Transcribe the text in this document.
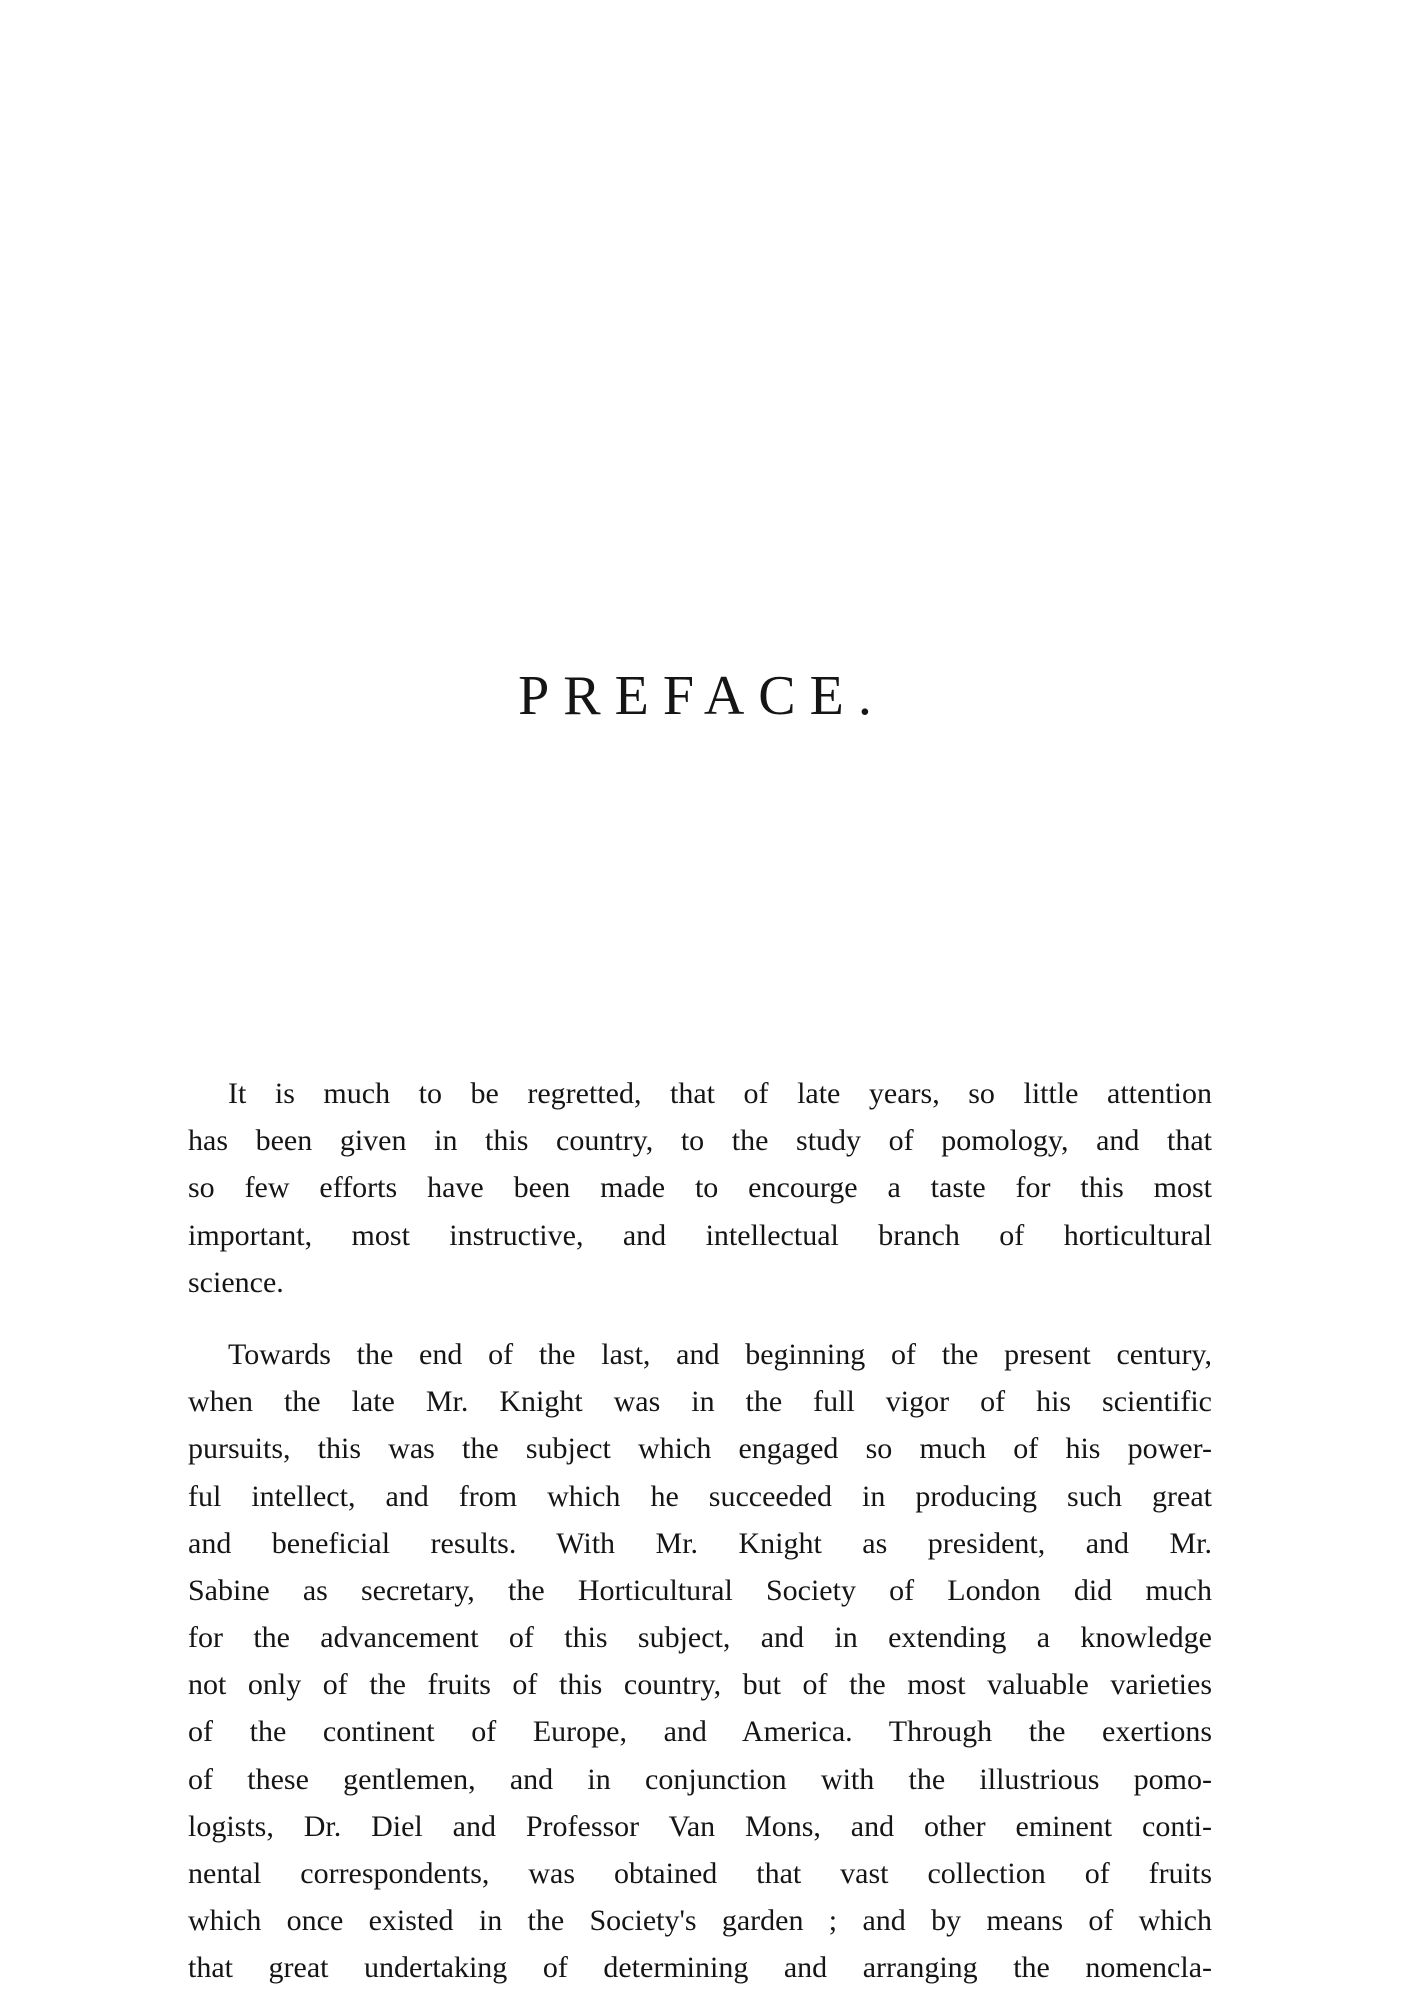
PREFACE.
It is much to be regretted, that of late years, so little attention
has been given in this country, to the study of pomology, and that
so few efforts have been made to encourge a taste for this most
important, most instructive, and intellectual branch of horticultural
science.
Towards the end of the last, and beginning of the present century,
when the late Mr. Knight was in the full vigor of his scientific
pursuits, this was the subject which engaged so much of his power-
ful intellect, and from which he succeeded in producing such great
and beneficial results. With Mr. Knight as president, and Mr.
Sabine as secretary, the Horticultural Society of London did much
for the advancement of this subject, and in extending a knowledge
not only of the fruits of this country, but of the most valuable varieties
of the continent of Europe, and America. Through the exertions
of these gentlemen, and in conjunction with the illustrious pomo-
logists, Dr. Diel and Professor Van Mons, and other eminent conti-
nental correspondents, was obtained that vast collection of fruits
which once existed in the Society's garden ; and by means of which
that great undertaking of determining and arranging the nomencla-
